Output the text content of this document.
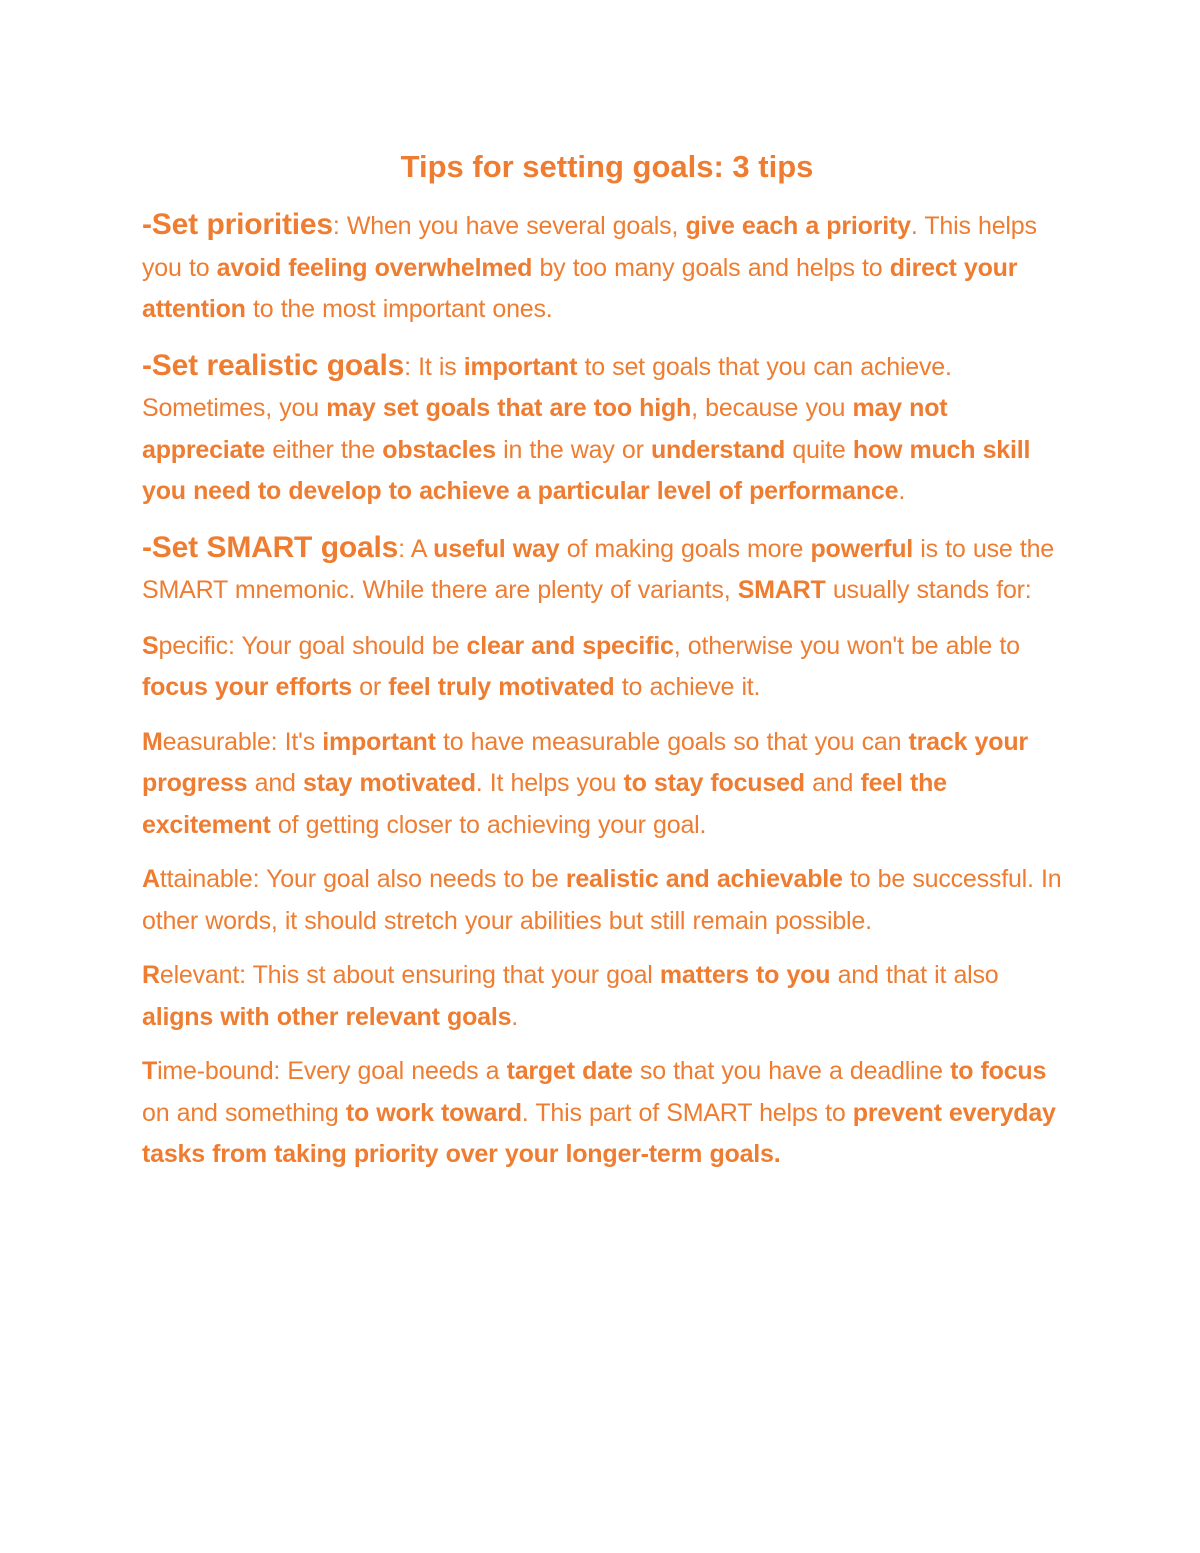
Tips for setting goals: 3 tips
-Set priorities: When you have several goals, give each a priority. This helps you to avoid feeling overwhelmed by too many goals and helps to direct your attention to the most important ones.
-Set realistic goals: It is important to set goals that you can achieve. Sometimes, you may set goals that are too high, because you may not appreciate either the obstacles in the way or understand quite how much skill you need to develop to achieve a particular level of performance.
-Set SMART goals: A useful way of making goals more powerful is to use the SMART mnemonic. While there are plenty of variants, SMART usually stands for:
Specific: Your goal should be clear and specific, otherwise you won't be able to focus your efforts or feel truly motivated to achieve it.
Measurable: It's important to have measurable goals so that you can track your progress and stay motivated. It helps you to stay focused and feel the excitement of getting closer to achieving your goal.
Attainable: Your goal also needs to be realistic and achievable to be successful. In other words, it should stretch your abilities but still remain possible.
Relevant: This st about ensuring that your goal matters to you and that it also aligns with other relevant goals.
Time-bound: Every goal needs a target date so that you have a deadline to focus on and something to work toward. This part of SMART helps to prevent everyday tasks from taking priority over your longer-term goals.
